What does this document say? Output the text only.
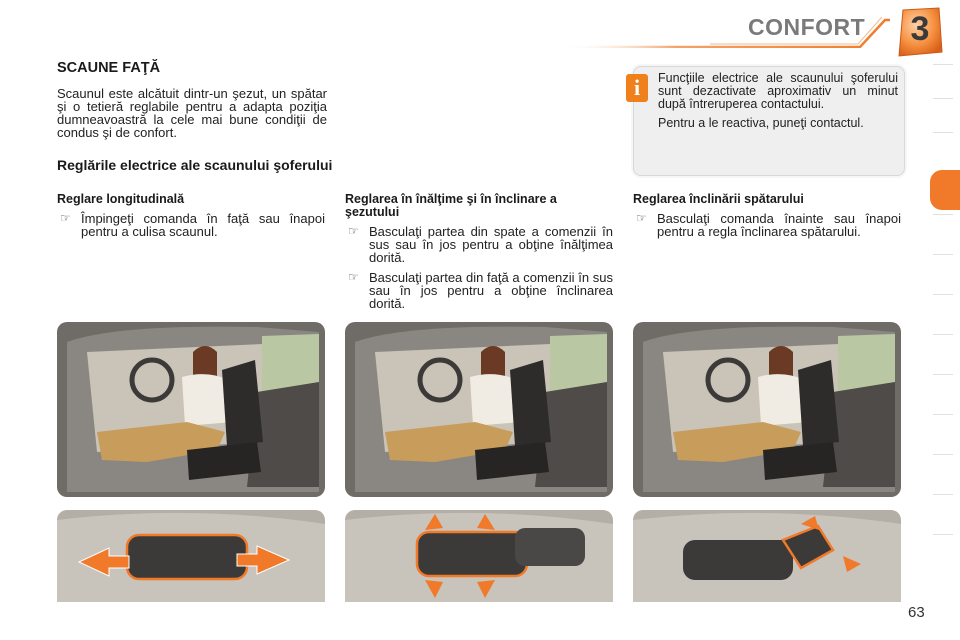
CONFORT	3
SCAUNE FAŢĂ
Scaunul este alcătuit dintr-un şezut, un spătar şi o tetieră reglabile pentru a adapta poziţia dumneavoastră la cele mai bune condiţii de condus şi de confort.
Reglările electrice ale scaunului şoferului
i	Funcţiile electrice ale scaunului şoferului sunt dezactivate aproximativ un minut după întreruperea contactului.

Pentru a le reactiva, puneţi contactul.

Reglare longitudinală
☞ Împingeţi comanda în faţă sau înapoi pentru a culisa scaunul.
Reglarea în înălţime şi în înclinare a şezutului
☞ Basculaţi partea din spate a comenzii în sus sau în jos pentru a obţine înălţimea dorită.
☞ Basculaţi partea din faţă a comenzii în sus sau în jos pentru a obţine înclinarea dorită.
Reglarea înclinării spătarului
☞ Basculaţi comanda înainte sau înapoi pentru a regla înclinarea spătarului.
63
